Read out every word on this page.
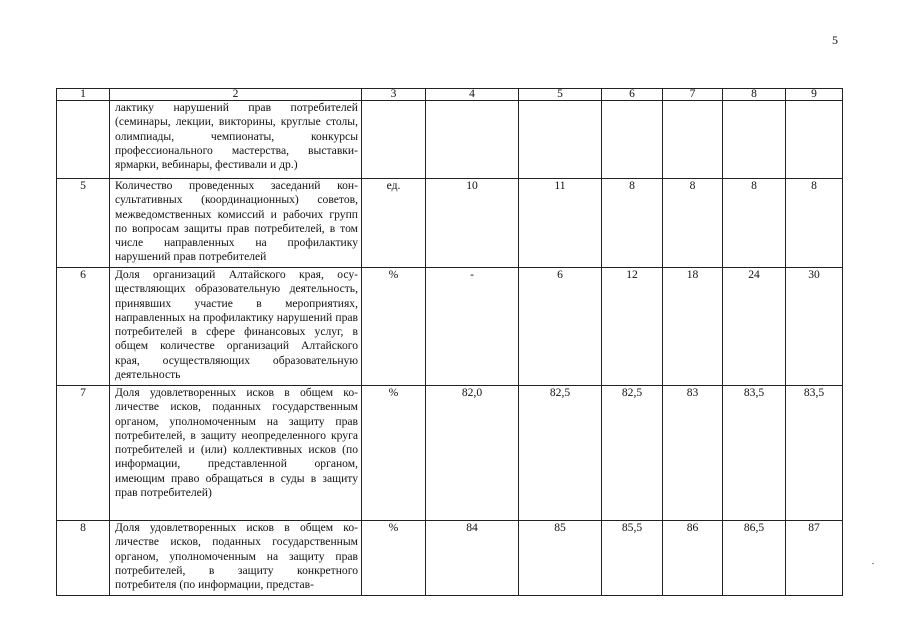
5
1	2	3	4	5	6	7	8	9
	лактику нарушений прав потребителей (семинары, лекции, викторины, круглые столы, олимпиады, чемпионаты, конкурсы профессионального мастерства, выставки-ярмарки, вебинары, фестивали и др.)							
5	Количество проведенных заседаний консультативных (координационных) советов, межведомственных комиссий и рабочих групп по вопросам защиты прав потребителей, в том числе направленных на профилактику нарушений прав потребителей	ед.	10	11	8	8	8	8
6	Доля организаций Алтайского края, осуществляющих образовательную деятельность, принявших участие в мероприятиях, направленных на профилактику нарушений прав потребителей в сфере финансовых услуг, в общем количестве организаций Алтайского края, осуществляющих образовательную деятельность	%	-	6	12	18	24	30
7	Доля удовлетворенных исков в общем количестве исков, поданных государственным органом, уполномоченным на защиту прав потребителей, в защиту неопределенного круга потребителей и (или) коллективных исков (по информации, представленной органом, имеющим право обращаться в суды в защиту прав потребителей)	%	82,0	82,5	82,5	83	83,5	83,5
8	Доля удовлетворенных исков в общем количестве исков, поданных государственным органом, уполномоченным на защиту прав потребителей, в защиту конкретного потребителя (по информации, представ-	%	84	85	85,5	86	86,5	87
